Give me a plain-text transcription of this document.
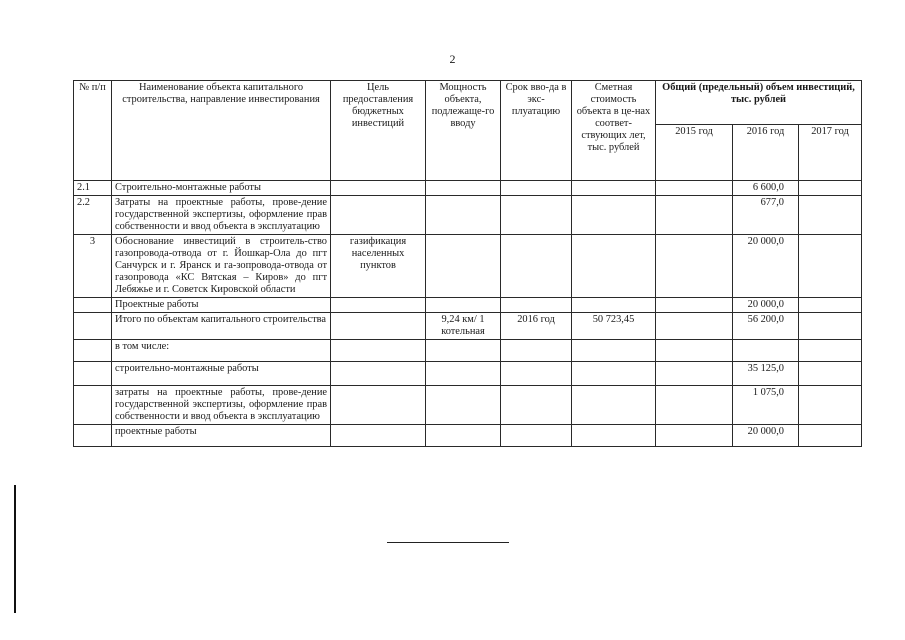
2
№ п/п	Наименование объекта капитального строительства, направление инвестирования	Цель предоставления бюджетных инвестиций	Мощность объекта, подлежаще-го вводу	Срок вво-да в экс-плуатацию	Сметная стоимость объекта в це-нах соответ-ствующих лет, тыс. рублей	Общий (предельный) объем инвестиций, тыс. рублей		
						2015 год	2016 год	2017 год
2.1	Строительно-монтажные работы						6 600,0	
2.2	Затраты на проектные работы, прове-дение государственной экспертизы, оформление прав собственности и ввод объекта в эксплуатацию						677,0	
3	Обоснование инвестиций в строитель-ство газопровода-отвода от г. Йошкар-Ола до пгт Санчурск и г. Яранск и га-зопровода-отвода от газопровода «КС Вятская – Киров» до пгт Лебяжье и г. Советск Кировской области	газификация населенных пунктов					20 000,0	
	Проектные работы						20 000,0	
	Итого по объектам капитального строительства		9,24 км/ 1 котельная	2016 год	50 723,45		56 200,0	
	в том числе:							
	строительно-монтажные работы						35 125,0	
	затраты на проектные работы, прове-дение государственной экспертизы, оформление прав собственности и ввод объекта в эксплуатацию						1 075,0	
	проектные работы						20 000,0	
